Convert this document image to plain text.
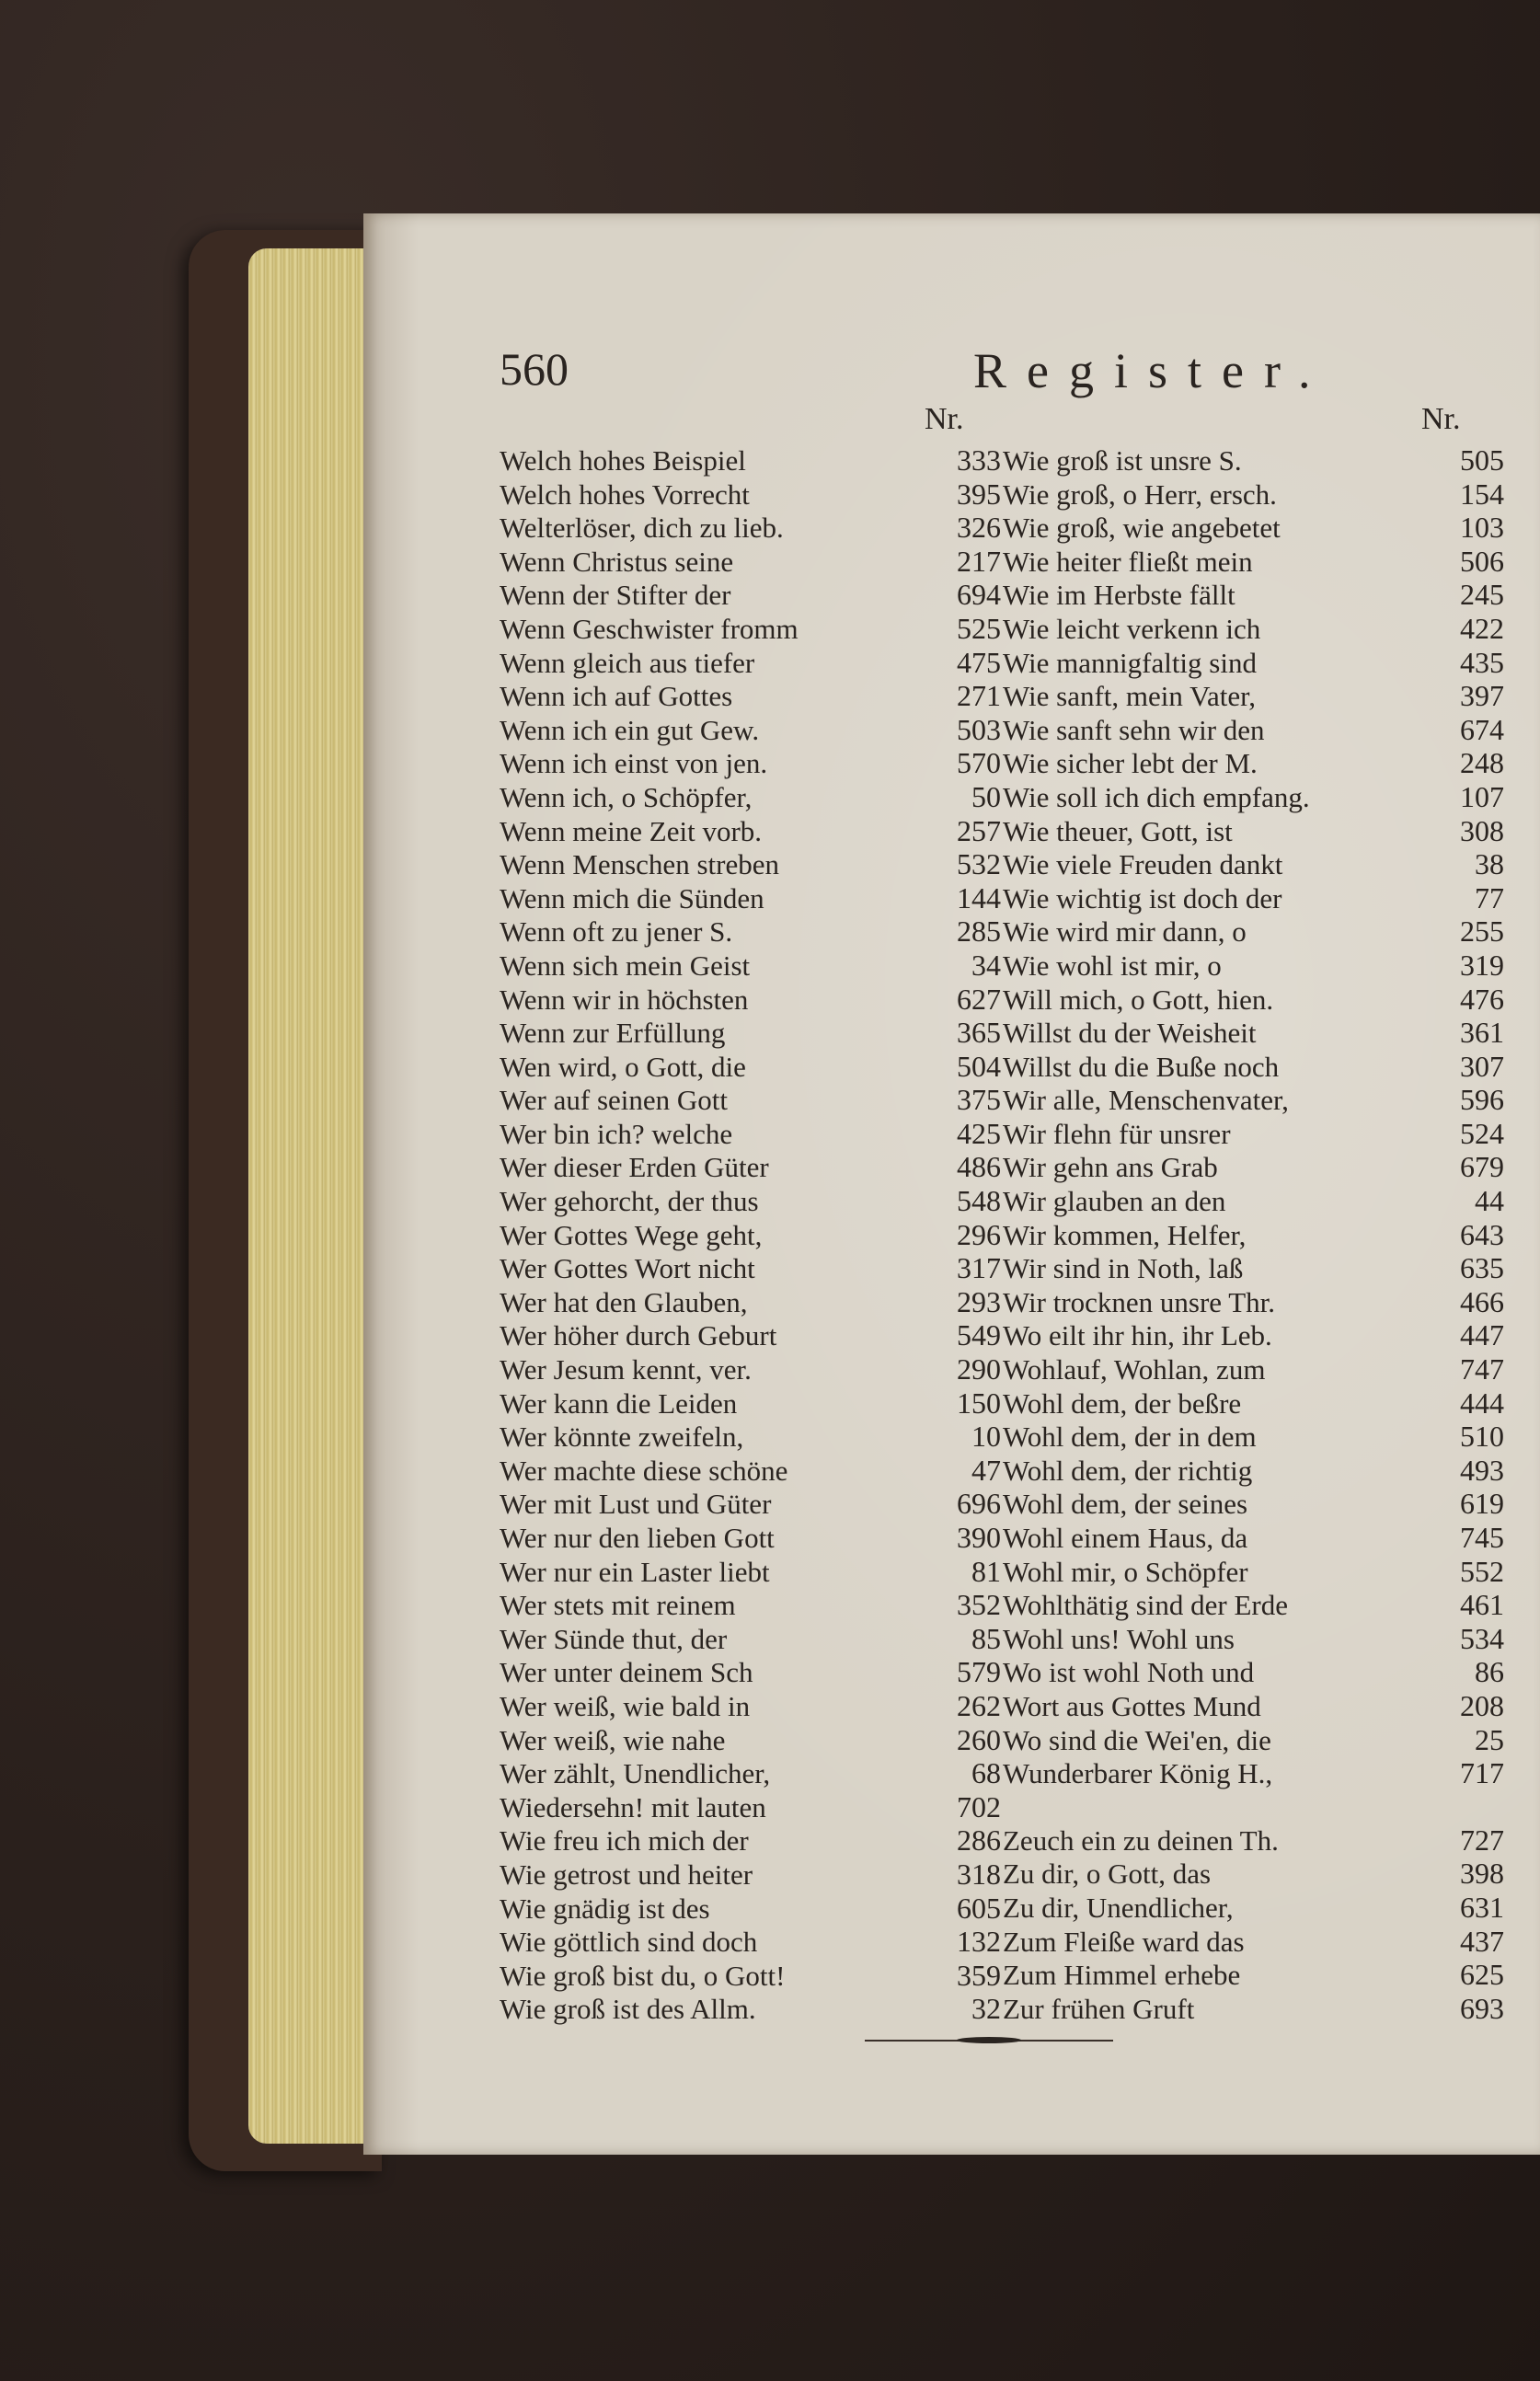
560	Register.
Nr.	Nr.
Welch hohes Beispiel	333
Welch hohes Vorrecht	395
Welterlöser, dich zu lieb.	326
Wenn Christus seine	217
Wenn der Stifter der	694
Wenn Geschwister fromm	525
Wenn gleich aus tiefer	475
Wenn ich auf Gottes	271
Wenn ich ein gut Gew.	503
Wenn ich einst von jen.	570
Wenn ich, o Schöpfer,	50
Wenn meine Zeit vorb.	257
Wenn Menschen streben	532
Wenn mich die Sünden	144
Wenn oft zu jener S.	285
Wenn sich mein Geist	34
Wenn wir in höchsten	627
Wenn zur Erfüllung	365
Wen wird, o Gott, die	504
Wer auf seinen Gott	375
Wer bin ich? welche	425
Wer dieser Erden Güter	486
Wer gehorcht, der thus	548
Wer Gottes Wege geht,	296
Wer Gottes Wort nicht	317
Wer hat den Glauben,	293
Wer höher durch Geburt	549
Wer Jesum kennt, ver.	290
Wer kann die Leiden	150
Wer könnte zweifeln,	10
Wer machte diese schöne	47
Wer mit Lust und Güter	696
Wer nur den lieben Gott	390
Wer nur ein Laster liebt	81
Wer stets mit reinem	352
Wer Sünde thut, der	85
Wer unter deinem Sch	579
Wer weiß, wie bald in	262
Wer weiß, wie nahe	260
Wer zählt, Unendlicher,	68
Wiedersehn! mit lauten	702
Wie freu ich mich der	286
Wie getrost und heiter	318
Wie gnädig ist des	605
Wie göttlich sind doch	132
Wie groß bist du, o Gott!	359
Wie groß ist des Allm.	32
Wie groß ist unsre S.	505
Wie groß, o Herr, ersch.	154
Wie groß, wie angebetet	103
Wie heiter fließt mein	506
Wie im Herbste fällt	245
Wie leicht verkenn ich	422
Wie mannigfaltig sind	435
Wie sanft, mein Vater,	397
Wie sanft sehn wir den	674
Wie sicher lebt der M.	248
Wie soll ich dich empfang.	107
Wie theuer, Gott, ist	308
Wie viele Freuden dankt	38
Wie wichtig ist doch der	77
Wie wird mir dann, o	255
Wie wohl ist mir, o	319
Will mich, o Gott, hien.	476
Willst du der Weisheit	361
Willst du die Buße noch	307
Wir alle, Menschenvater,	596
Wir flehn für unsrer	524
Wir gehn ans Grab	679
Wir glauben an den	44
Wir kommen, Helfer,	643
Wir sind in Noth, laß	635
Wir trocknen unsre Thr.	466
Wo eilt ihr hin, ihr Leb.	447
Wohlauf, Wohlan, zum	747
Wohl dem, der beßre	444
Wohl dem, der in dem	510
Wohl dem, der richtig	493
Wohl dem, der seines	619
Wohl einem Haus, da	745
Wohl mir, o Schöpfer	552
Wohlthätig sind der Erde	461
Wohl uns! Wohl uns	534
Wo ist wohl Noth und	86
Wort aus Gottes Mund	208
Wo sind die Wei'en, die	25
Wunderbarer König H.,	717
Zeuch ein zu deinen Th.	727
Zu dir, o Gott, das	398
Zu dir, Unendlicher,	631
Zum Fleiße ward das	437
Zum Himmel erhebe	625
Zur frühen Gruft	693
